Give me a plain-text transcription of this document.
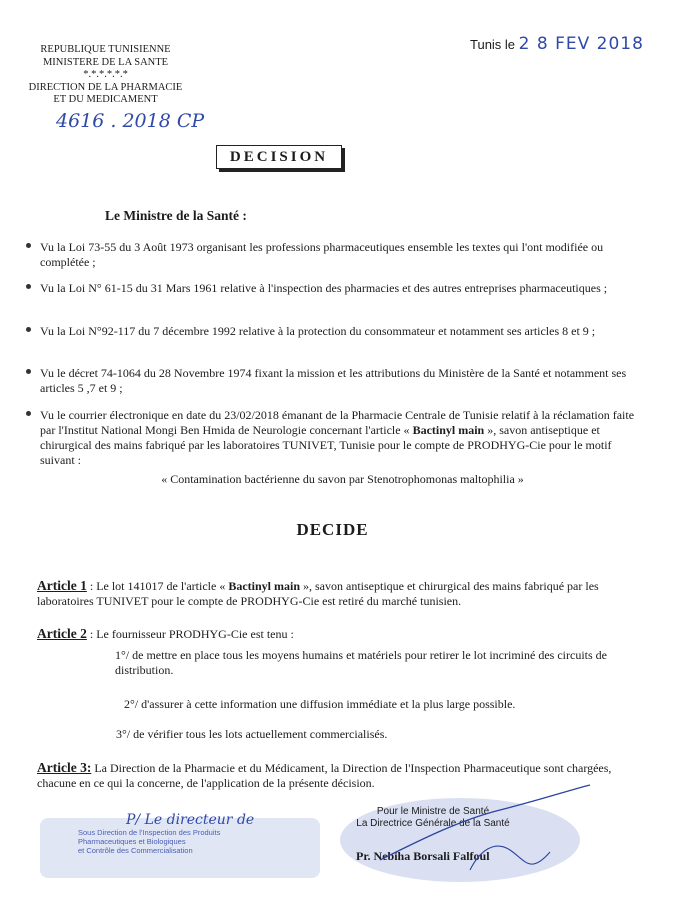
Tunis le 2 8 FEV 2018
REPUBLIQUE TUNISIENNE
MINISTERE DE LA SANTE
*.*.*.*.*.*
DIRECTION DE LA PHARMACIE
ET DU MEDICAMENT
4616 . 2018 CP
DECISION
Le Ministre de la Santé :
Vu la Loi 73-55 du 3 Août 1973 organisant les professions pharmaceutiques ensemble les textes qui l'ont modifiée ou complétée ;
Vu la Loi N° 61-15 du 31 Mars 1961 relative à l'inspection des pharmacies et des autres entreprises pharmaceutiques ;
Vu la Loi N°92-117 du 7 décembre 1992 relative à la protection du consommateur et notamment ses articles 8 et 9 ;
Vu le décret 74-1064 du 28 Novembre 1974 fixant la mission et les attributions du Ministère de la Santé et notamment ses articles 5 ,7 et 9 ;
Vu le courrier électronique en date du 23/02/2018 émanant de la Pharmacie Centrale de Tunisie relatif à la réclamation faite par l'Institut National Mongi Ben Hmida de Neurologie concernant l'article « Bactinyl main », savon antiseptique et chirurgical des mains fabriqué par les laboratoires TUNIVET, Tunisie pour le compte de PRODHYG-Cie pour le motif suivant :
« Contamination bactérienne du savon par Stenotrophomonas maltophilia »
DECIDE
Article 1 : Le lot 141017 de l'article « Bactinyl main », savon antiseptique et chirurgical des mains fabriqué par les laboratoires TUNIVET pour le compte de PRODHYG-Cie est retiré du marché tunisien.
Article 2 : Le fournisseur PRODHYG-Cie est tenu :
1°/ de mettre en place tous les moyens humains et matériels pour retirer le lot incriminé des circuits de distribution.
2°/ d'assurer à cette information une diffusion immédiate et la plus large possible.
3°/ de vérifier tous les lots actuellement commercialisés.
Article 3: La Direction de la Pharmacie et du Médicament, la Direction de l'Inspection Pharmaceutique sont chargées, chacune en ce qui la concerne, de l'application de la présente décision.
P/ Le directeur de
Sous Direction de l'Inspection des Produits
Pharmaceutiques et Biologiques
et Contrôle des Commercialisation
Pour le Ministre de Santé
La Directrice Générale de la Santé
Pr. Nebiha Borsali Falfoul
